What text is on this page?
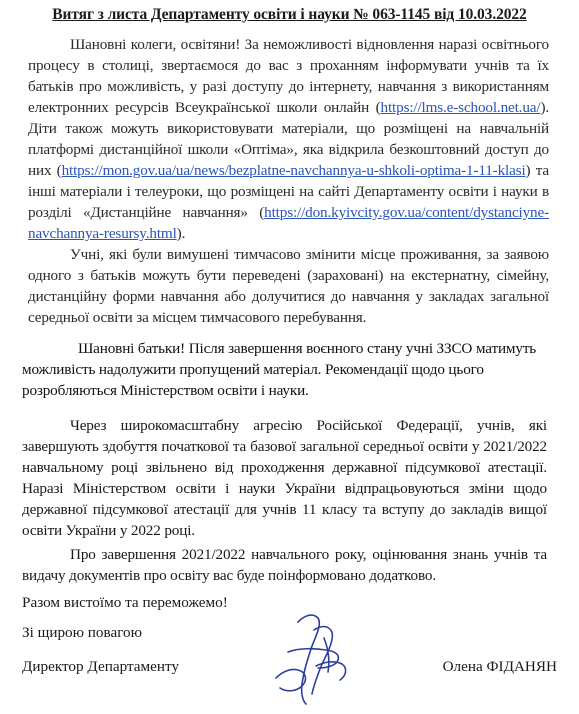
Витяг з листа Департаменту освіти і науки № 063-1145 від 10.03.2022

Шановні колеги, освітяни! За неможливості відновлення наразі освітнього процесу в столиці, звертаємося до вас з проханням інформувати учнів та їх батьків про можливість, у разі доступу до інтернету, навчання з використанням електронних ресурсів Всеукраїнської школи онлайн (https://lms.e-school.net.ua/). Діти також можуть використовувати матеріали, що розміщені на навчальній платформі дистанційної школи «Оптіма», яка відкрила безкоштовний доступ до них (https://mon.gov.ua/ua/news/bezplatne-navchannya-u-shkoli-optima-1-11-klasi) та інші матеріали і телеуроки, що розміщені на сайті Департаменту освіти і науки в розділі «Дистанційне навчання» (https://don.kyivcity.gov.ua/content/dystanciyne-navchannya-resursy.html).

Учні, які були вимушені тимчасово змінити місце проживання, за заявою одного з батьків можуть бути переведені (зараховані) на екстернатну, сімейну, дистанційну форми навчання або долучитися до навчання у закладах загальної середньої освіти за місцем тимчасового перебування.

Шановні батьки! Після завершення воєнного стану учні ЗЗСО матимуть можливість надолужити пропущений матеріал. Рекомендації щодо цього розробляються Міністерством освіти і науки.

Через широкомасштабну агресію Російської Федерації, учнів, які завершують здобуття початкової та базової загальної середньої освіти у 2021/2022 навчальному році звільнено від проходження державної підсумкової атестації. Наразі Міністерством освіти і науки України відпрацьовуються зміни щодо державної підсумкової атестації для учнів 11 класу та вступу до закладів вищої освіти України у 2022 році.

Про завершення 2021/2022 навчального року, оцінювання знань учнів та видачу документів про освіту вас буде поінформовано додатково.

Разом вистоїмо та переможемо!
Зі щирою повагою
Директор Департаменту	Олена ФІДАНЯН
